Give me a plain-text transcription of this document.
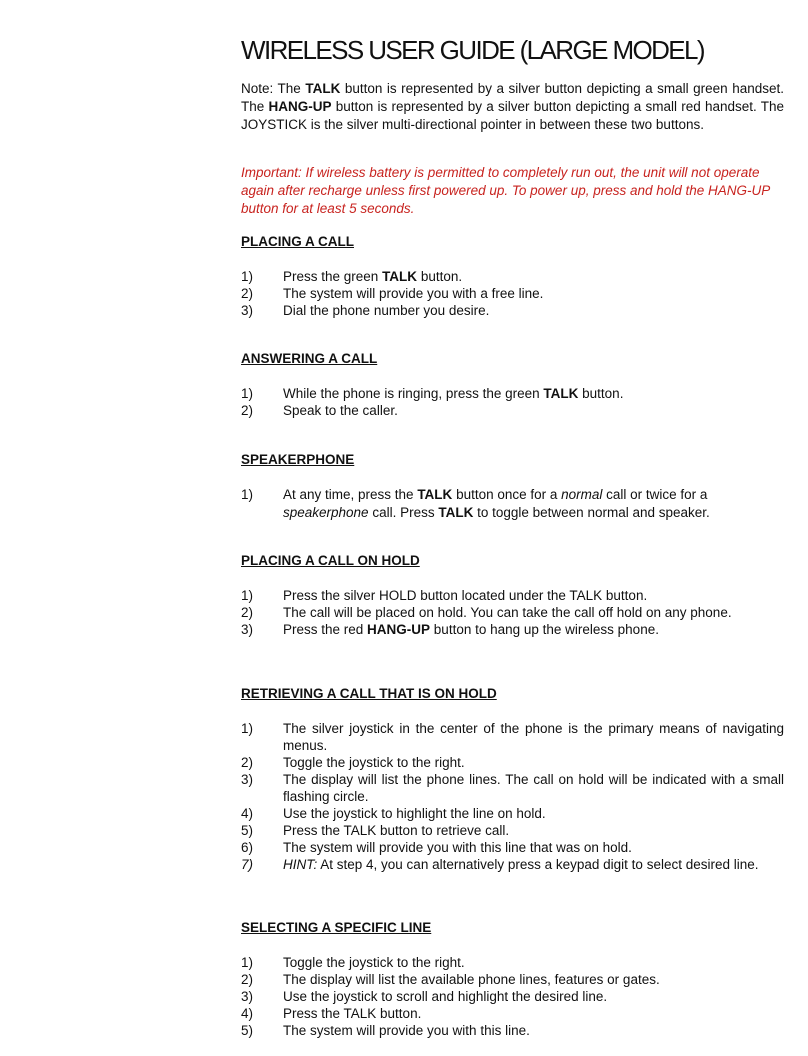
WIRELESS USER GUIDE (LARGE MODEL)

Note: The TALK button is represented by a silver button depicting a small green handset. The HANG-UP button is represented by a silver button depicting a small red handset. The JOYSTICK is the silver multi-directional pointer in between these two buttons.

Important: If wireless battery is permitted to completely run out, the unit will not operate again after recharge unless first powered up. To power up, press and hold the HANG-UP button for at least 5 seconds.

PLACING A CALL
1)	Press the green TALK button.
2)	The system will provide you with a free line.
3)	Dial the phone number you desire.
ANSWERING A CALL
1)	While the phone is ringing, press the green TALK button.
2)	Speak to the caller.
SPEAKERPHONE
1)	At any time, press the TALK button once for a normal call or twice for a speakerphone call. Press TALK to toggle between normal and speaker.
PLACING A CALL ON HOLD
1)	Press the silver HOLD button located under the TALK button.
2)	The call will be placed on hold. You can take the call off hold on any phone.
3)	Press the red HANG-UP button to hang up the wireless phone.
RETRIEVING A CALL THAT IS ON HOLD
1)	The silver joystick in the center of the phone is the primary means of navigating menus.
2)	Toggle the joystick to the right.
3)	The display will list the phone lines. The call on hold will be indicated with a small flashing circle.
4)	Use the joystick to highlight the line on hold.
5)	Press the TALK button to retrieve call.
6)	The system will provide you with this line that was on hold.
7)	HINT: At step 4, you can alternatively press a keypad digit to select desired line.
SELECTING A SPECIFIC LINE
1)	Toggle the joystick to the right.
2)	The display will list the available phone lines, features or gates.
3)	Use the joystick to scroll and highlight the desired line.
4)	Press the TALK button.
5)	The system will provide you with this line.
